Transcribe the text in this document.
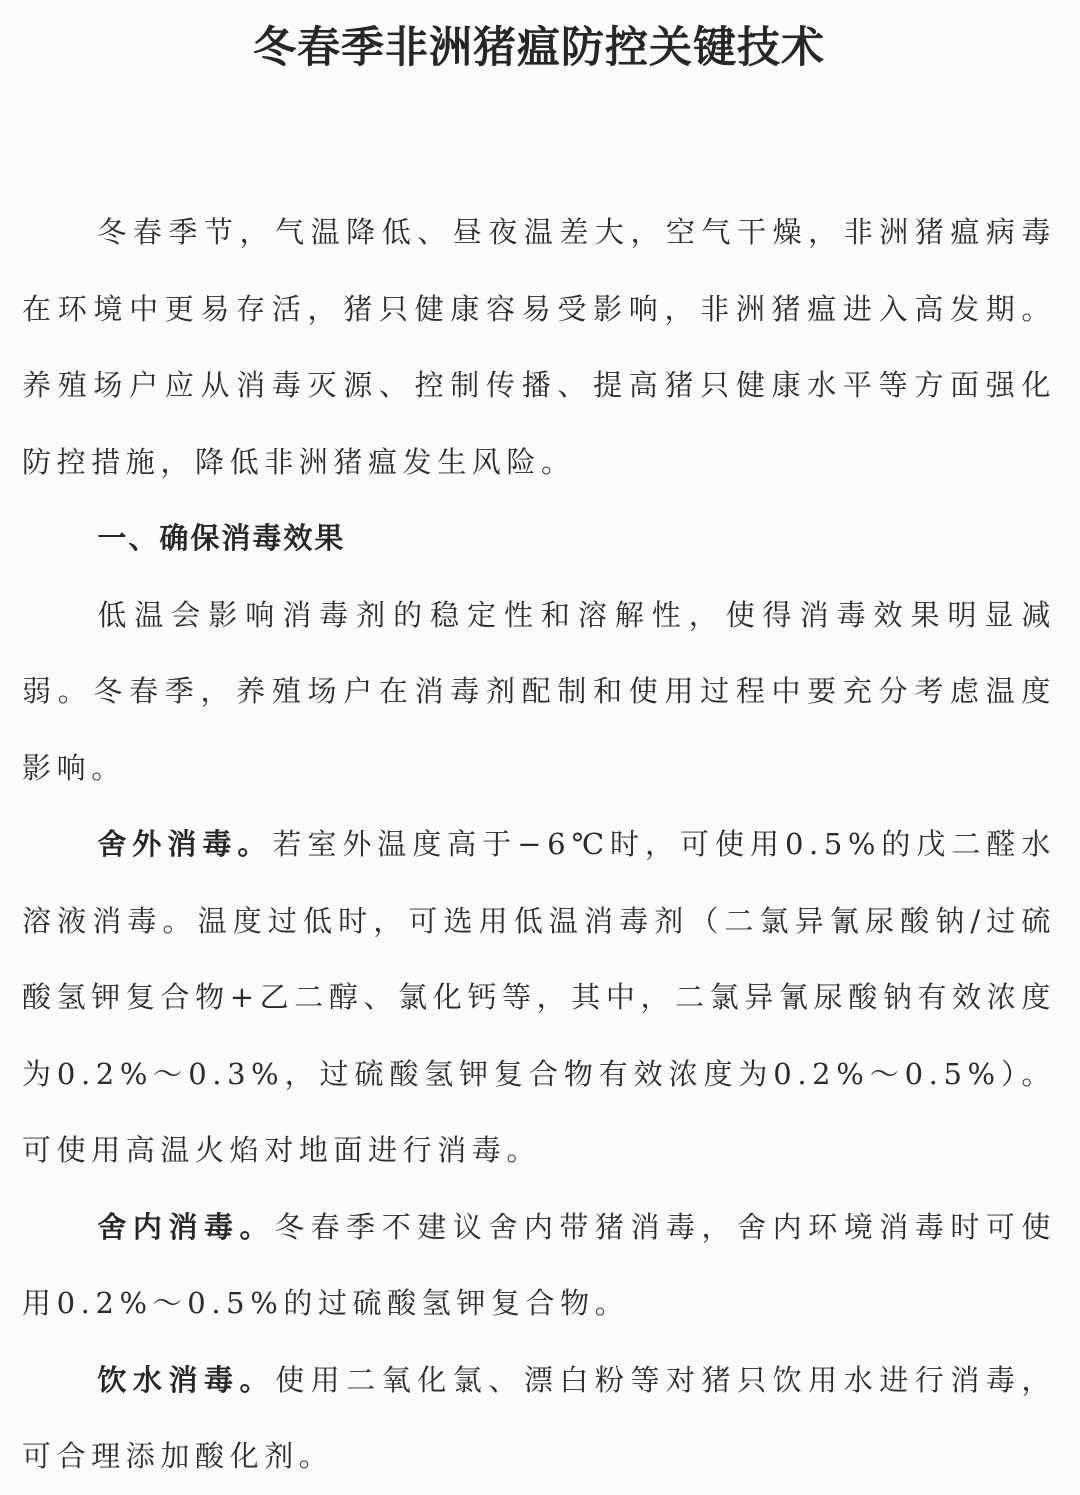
冬春季非洲猪瘟防控关键技术

冬春季节，气温降低、昼夜温差大，空气干燥，非洲猪瘟病毒在环境中更易存活，猪只健康容易受影响，非洲猪瘟进入高发期。养殖场户应从消毒灭源、控制传播、提高猪只健康水平等方面强化防控措施，降低非洲猪瘟发生风险。

一、确保消毒效果

低温会影响消毒剂的稳定性和溶解性，使得消毒效果明显减弱。冬春季，养殖场户在消毒剂配制和使用过程中要充分考虑温度影响。

舍外消毒。若室外温度高于−6℃时，可使用0.5%的戊二醛水溶液消毒。温度过低时，可选用低温消毒剂（二氯异氰尿酸钠/过硫酸氢钾复合物+乙二醇、氯化钙等，其中，二氯异氰尿酸钠有效浓度为0.2%～0.3%，过硫酸氢钾复合物有效浓度为0.2%～0.5%）。可使用高温火焰对地面进行消毒。

舍内消毒。冬春季不建议舍内带猪消毒，舍内环境消毒时可使用0.2%～0.5%的过硫酸氢钾复合物。

饮水消毒。使用二氧化氯、漂白粉等对猪只饮用水进行消毒，可合理添加酸化剂。
